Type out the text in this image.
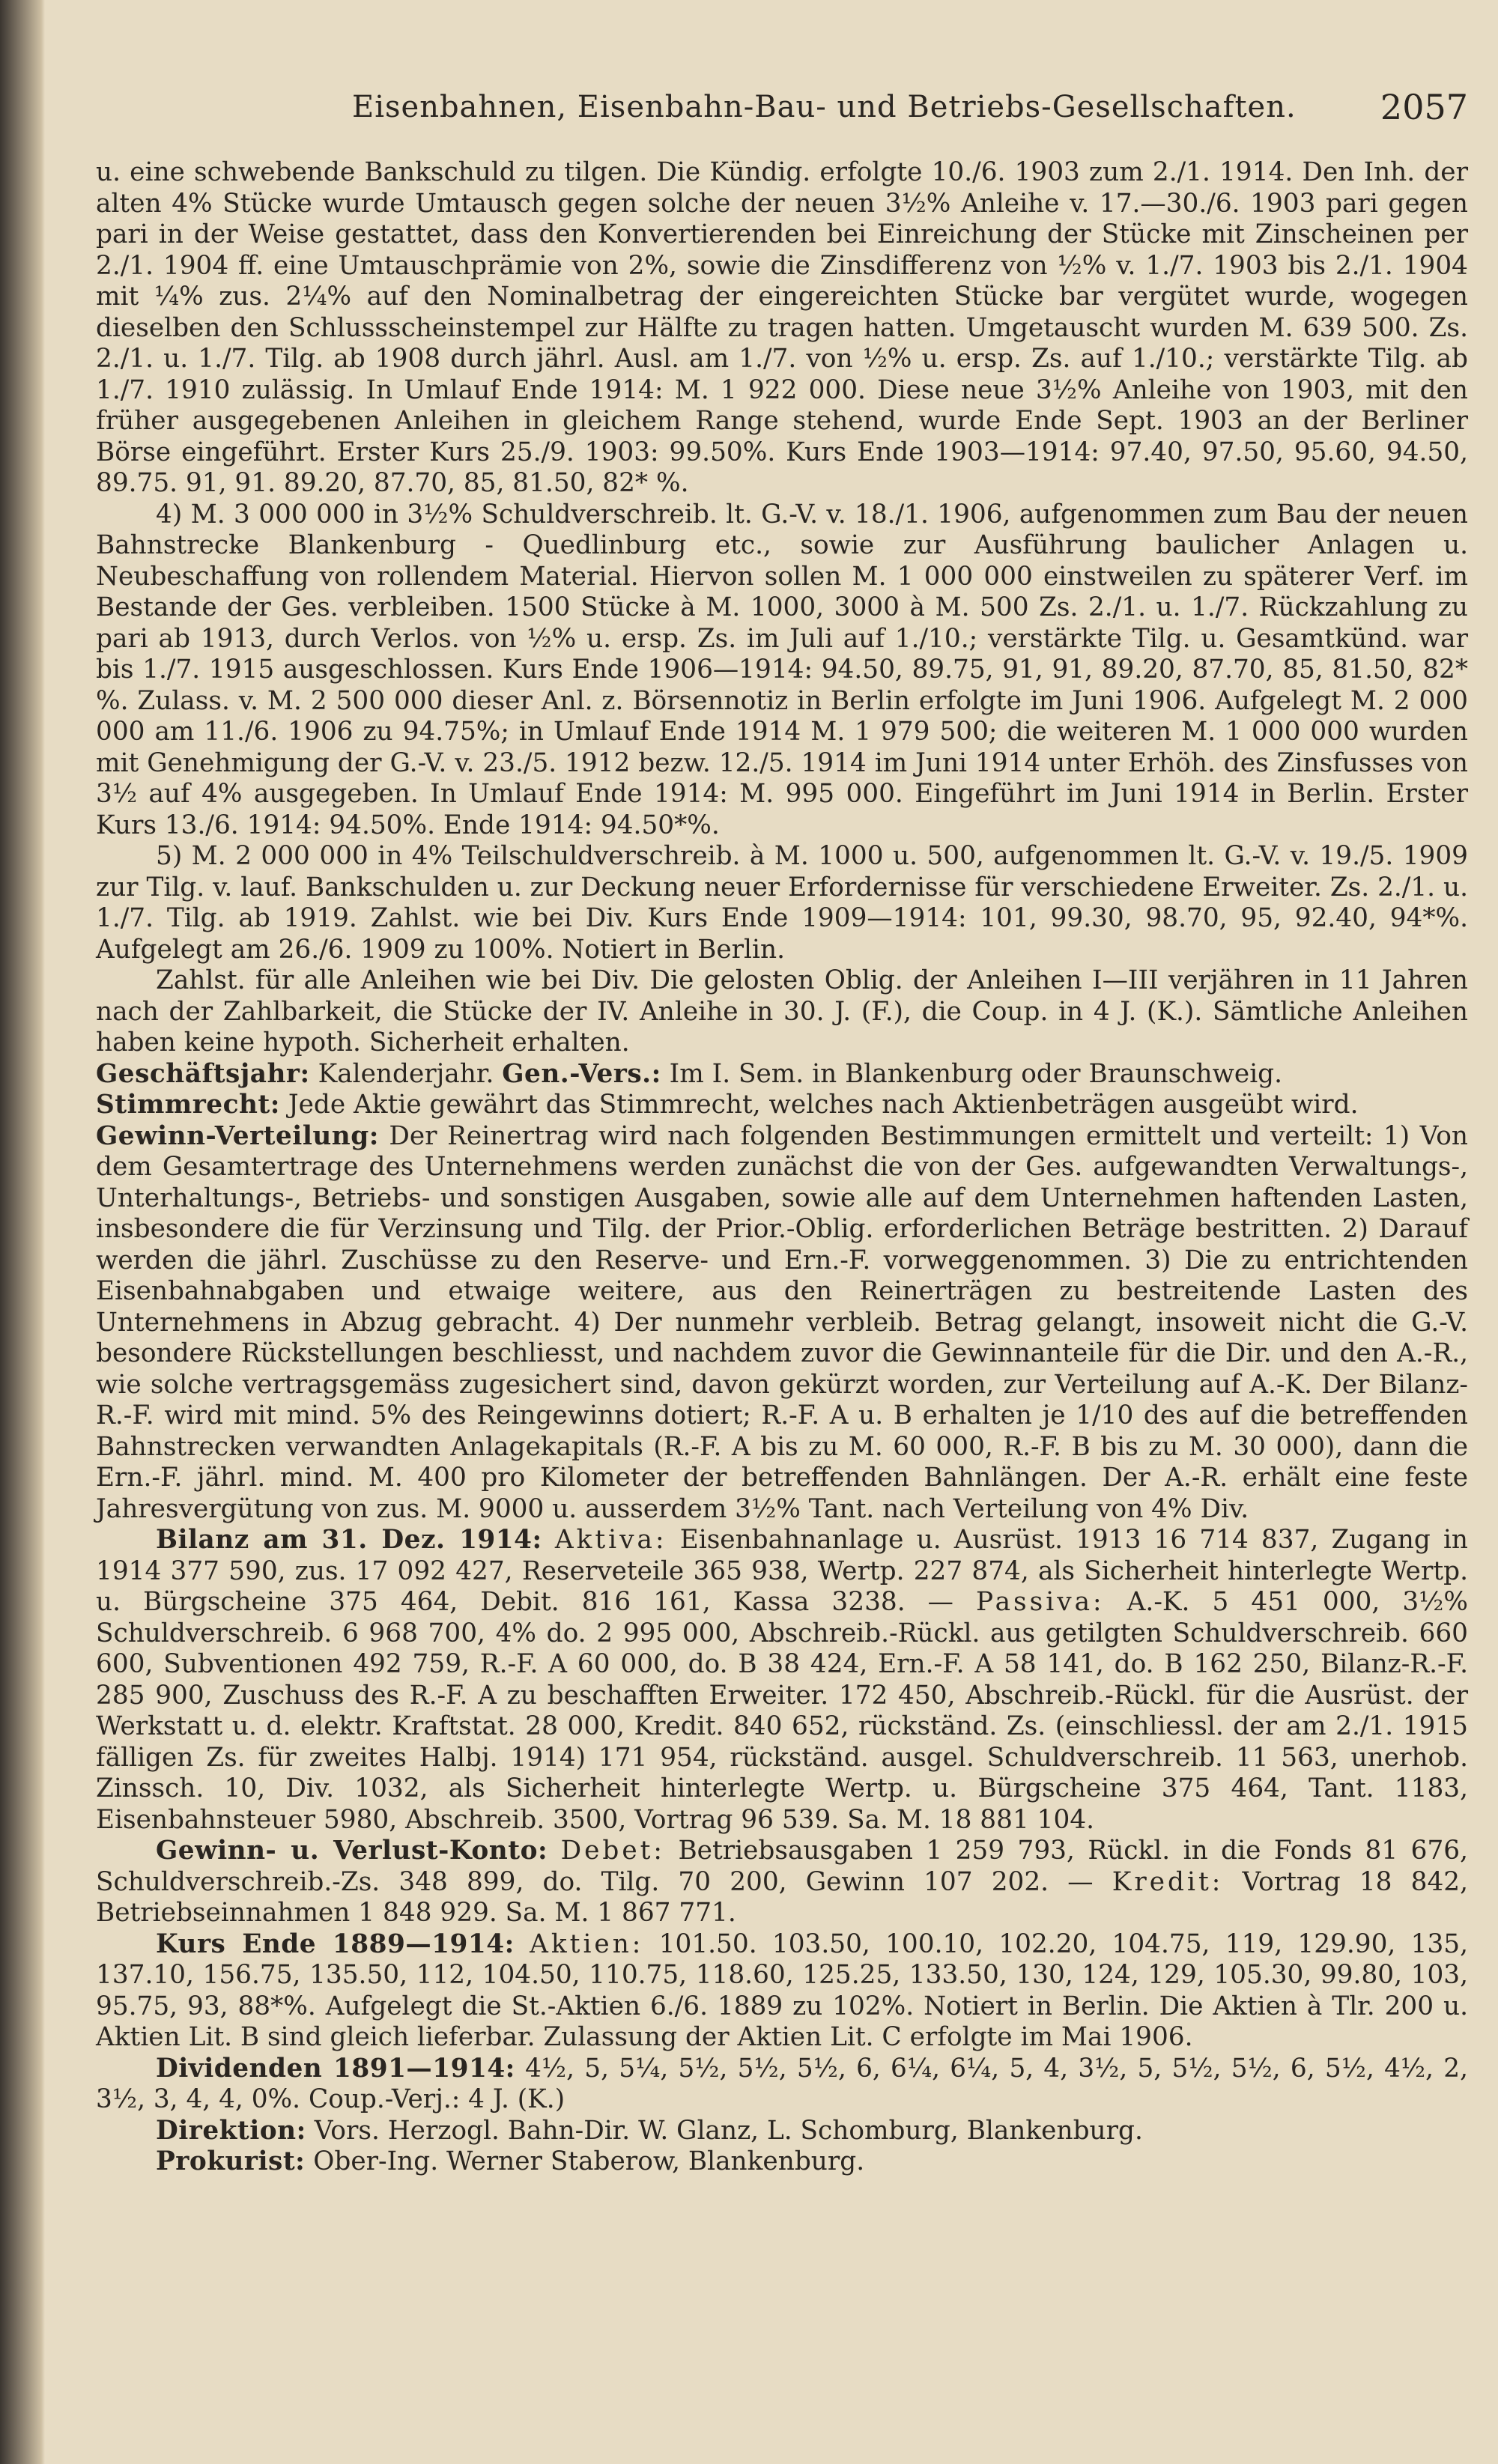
Eisenbahnen, Eisenbahn-Bau- und Betriebs-Gesellschaften. 2057

u. eine schwebende Bankschuld zu tilgen. Die Kündig. erfolgte 10./6. 1903 zum 2./1. 1914. Den Inh. der alten 4% Stücke wurde Umtausch gegen solche der neuen 3½% Anleihe v. 17.—30./6. 1903 pari gegen pari in der Weise gestattet, dass den Konvertierenden bei Einreichung der Stücke mit Zinscheinen per 2./1. 1904 ff. eine Umtauschprämie von 2%, sowie die Zinsdifferenz von ½% v. 1./7. 1903 bis 2./1. 1904 mit ¼% zus. 2¼% auf den Nominalbetrag der eingereichten Stücke bar vergütet wurde, wogegen dieselben den Schlussscheinstempel zur Hälfte zu tragen hatten. Umgetauscht wurden M. 639 500. Zs. 2./1. u. 1./7. Tilg. ab 1908 durch jährl. Ausl. am 1./7. von ½% u. ersp. Zs. auf 1./10.; verstärkte Tilg. ab 1./7. 1910 zulässig. In Umlauf Ende 1914: M. 1 922 000. Diese neue 3½% Anleihe von 1903, mit den früher ausgegebenen Anleihen in gleichem Range stehend, wurde Ende Sept. 1903 an der Berliner Börse eingeführt. Erster Kurs 25./9. 1903: 99.50%. Kurs Ende 1903—1914: 97.40, 97.50, 95.60, 94.50, 89.75. 91, 91. 89.20, 87.70, 85, 81.50, 82* %.

4) M. 3 000 000 in 3½% Schuldverschreib. lt. G.-V. v. 18./1. 1906, aufgenommen zum Bau der neuen Bahnstrecke Blankenburg - Quedlinburg etc., sowie zur Ausführung baulicher Anlagen u. Neubeschaffung von rollendem Material. Hiervon sollen M. 1 000 000 einstweilen zu späterer Verf. im Bestande der Ges. verbleiben. 1500 Stücke à M. 1000, 3000 à M. 500 Zs. 2./1. u. 1./7. Rückzahlung zu pari ab 1913, durch Verlos. von ½% u. ersp. Zs. im Juli auf 1./10.; verstärkte Tilg. u. Gesamtkünd. war bis 1./7. 1915 ausgeschlossen. Kurs Ende 1906—1914: 94.50, 89.75, 91, 91, 89.20, 87.70, 85, 81.50, 82* %. Zulass. v. M. 2 500 000 dieser Anl. z. Börsennotiz in Berlin erfolgte im Juni 1906. Aufgelegt M. 2 000 000 am 11./6. 1906 zu 94.75%; in Umlauf Ende 1914 M. 1 979 500; die weiteren M. 1 000 000 wurden mit Genehmigung der G.-V. v. 23./5. 1912 bezw. 12./5. 1914 im Juni 1914 unter Erhöh. des Zinsfusses von 3½ auf 4% ausgegeben. In Umlauf Ende 1914: M. 995 000. Eingeführt im Juni 1914 in Berlin. Erster Kurs 13./6. 1914: 94.50%. Ende 1914: 94.50*%.

5) M. 2 000 000 in 4% Teilschuldverschreib. à M. 1000 u. 500, aufgenommen lt. G.-V. v. 19./5. 1909 zur Tilg. v. lauf. Bankschulden u. zur Deckung neuer Erfordernisse für verschiedene Erweiter. Zs. 2./1. u. 1./7. Tilg. ab 1919. Zahlst. wie bei Div. Kurs Ende 1909—1914: 101, 99.30, 98.70, 95, 92.40, 94*%. Aufgelegt am 26./6. 1909 zu 100%. Notiert in Berlin.

Zahlst. für alle Anleihen wie bei Div. Die gelosten Oblig. der Anleihen I—III verjähren in 11 Jahren nach der Zahlbarkeit, die Stücke der IV. Anleihe in 30. J. (F.), die Coup. in 4 J. (K.). Sämtliche Anleihen haben keine hypoth. Sicherheit erhalten.

Geschäftsjahr: Kalenderjahr. Gen.-Vers.: Im I. Sem. in Blankenburg oder Braunschweig.

Stimmrecht: Jede Aktie gewährt das Stimmrecht, welches nach Aktienbeträgen ausgeübt wird.

Gewinn-Verteilung: Der Reinertrag wird nach folgenden Bestimmungen ermittelt und verteilt: 1) Von dem Gesamtertrage des Unternehmens werden zunächst die von der Ges. aufgewandten Verwaltungs-, Unterhaltungs-, Betriebs- und sonstigen Ausgaben, sowie alle auf dem Unternehmen haftenden Lasten, insbesondere die für Verzinsung und Tilg. der Prior.-Oblig. erforderlichen Beträge bestritten. 2) Darauf werden die jährl. Zuschüsse zu den Reserve- und Ern.-F. vorweggenommen. 3) Die zu entrichtenden Eisenbahnabgaben und etwaige weitere, aus den Reinerträgen zu bestreitende Lasten des Unternehmens in Abzug gebracht. 4) Der nunmehr verbleib. Betrag gelangt, insoweit nicht die G.-V. besondere Rückstellungen beschliesst, und nachdem zuvor die Gewinnanteile für die Dir. und den A.-R., wie solche vertragsgemäss zugesichert sind, davon gekürzt worden, zur Verteilung auf A.-K. Der Bilanz-R.-F. wird mit mind. 5% des Reingewinns dotiert; R.-F. A u. B erhalten je 1/10 des auf die betreffenden Bahnstrecken verwandten Anlagekapitals (R.-F. A bis zu M. 60 000, R.-F. B bis zu M. 30 000), dann die Ern.-F. jährl. mind. M. 400 pro Kilometer der betreffenden Bahnlängen. Der A.-R. erhält eine feste Jahresvergütung von zus. M. 9000 u. ausserdem 3½% Tant. nach Verteilung von 4% Div.

Bilanz am 31. Dez. 1914: Aktiva: Eisenbahnanlage u. Ausrüst. 1913 16 714 837, Zugang in 1914 377 590, zus. 17 092 427, Reserveteile 365 938, Wertp. 227 874, als Sicherheit hinterlegte Wertp. u. Bürgscheine 375 464, Debit. 816 161, Kassa 3238. — Passiva: A.-K. 5 451 000, 3½% Schuldverschreib. 6 968 700, 4% do. 2 995 000, Abschreib.-Rückl. aus getilgten Schuldverschreib. 660 600, Subventionen 492 759, R.-F. A 60 000, do. B 38 424, Ern.-F. A 58 141, do. B 162 250, Bilanz-R.-F. 285 900, Zuschuss des R.-F. A zu beschafften Erweiter. 172 450, Abschreib.-Rückl. für die Ausrüst. der Werkstatt u. d. elektr. Kraftstat. 28 000, Kredit. 840 652, rückständ. Zs. (einschliessl. der am 2./1. 1915 fälligen Zs. für zweites Halbj. 1914) 171 954, rückständ. ausgel. Schuldverschreib. 11 563, unerhob. Zinssch. 10, Div. 1032, als Sicherheit hinterlegte Wertp. u. Bürgscheine 375 464, Tant. 1183, Eisenbahnsteuer 5980, Abschreib. 3500, Vortrag 96 539. Sa. M. 18 881 104.

Gewinn- u. Verlust-Konto: Debet: Betriebsausgaben 1 259 793, Rückl. in die Fonds 81 676, Schuldverschreib.-Zs. 348 899, do. Tilg. 70 200, Gewinn 107 202. — Kredit: Vortrag 18 842, Betriebseinnahmen 1 848 929. Sa. M. 1 867 771.

Kurs Ende 1889—1914: Aktien: 101.50. 103.50, 100.10, 102.20, 104.75, 119, 129.90, 135, 137.10, 156.75, 135.50, 112, 104.50, 110.75, 118.60, 125.25, 133.50, 130, 124, 129, 105.30, 99.80, 103, 95.75, 93, 88*%. Aufgelegt die St.-Aktien 6./6. 1889 zu 102%. Notiert in Berlin. Die Aktien à Tlr. 200 u. Aktien Lit. B sind gleich lieferbar. Zulassung der Aktien Lit. C erfolgte im Mai 1906.

Dividenden 1891—1914: 4½, 5, 5¼, 5½, 5½, 5½, 6, 6¼, 6¼, 5, 4, 3½, 5, 5½, 5½, 6, 5½, 4½, 2, 3½, 3, 4, 4, 0%. Coup.-Verj.: 4 J. (K.)

Direktion: Vors. Herzogl. Bahn-Dir. W. Glanz, L. Schomburg, Blankenburg.

Prokurist: Ober-Ing. Werner Staberow, Blankenburg.
